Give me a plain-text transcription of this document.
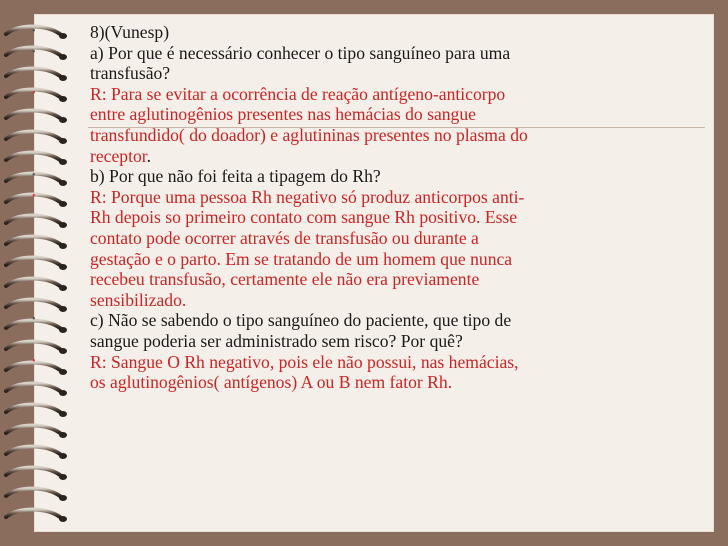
•	8)(Vunesp)
•	a) Por que é necessário conhecer o tipo sanguíneo para uma
transfusão?
•	R: Para se evitar a ocorrência de reação antígeno-anticorpo
entre aglutinogênios presentes nas hemácias do sangue
transfundido( do doador) e aglutininas presentes no plasma do
receptor.
•	b) Por que não foi feita a tipagem do Rh?
•	R: Porque uma pessoa Rh negativo só produz anticorpos anti-
Rh depois so primeiro contato com sangue Rh positivo. Esse
contato pode ocorrer através de transfusão ou durante a
gestação e o parto. Em se tratando de um homem que nunca
recebeu transfusão, certamente ele não era previamente
sensibilizado.
•	c) Não se sabendo o tipo sanguíneo do paciente, que tipo de
sangue poderia ser administrado sem risco? Por quê?
•	R: Sangue O Rh negativo, pois ele não possui, nas hemácias,
os aglutinogênios( antígenos) A ou B nem fator Rh.
